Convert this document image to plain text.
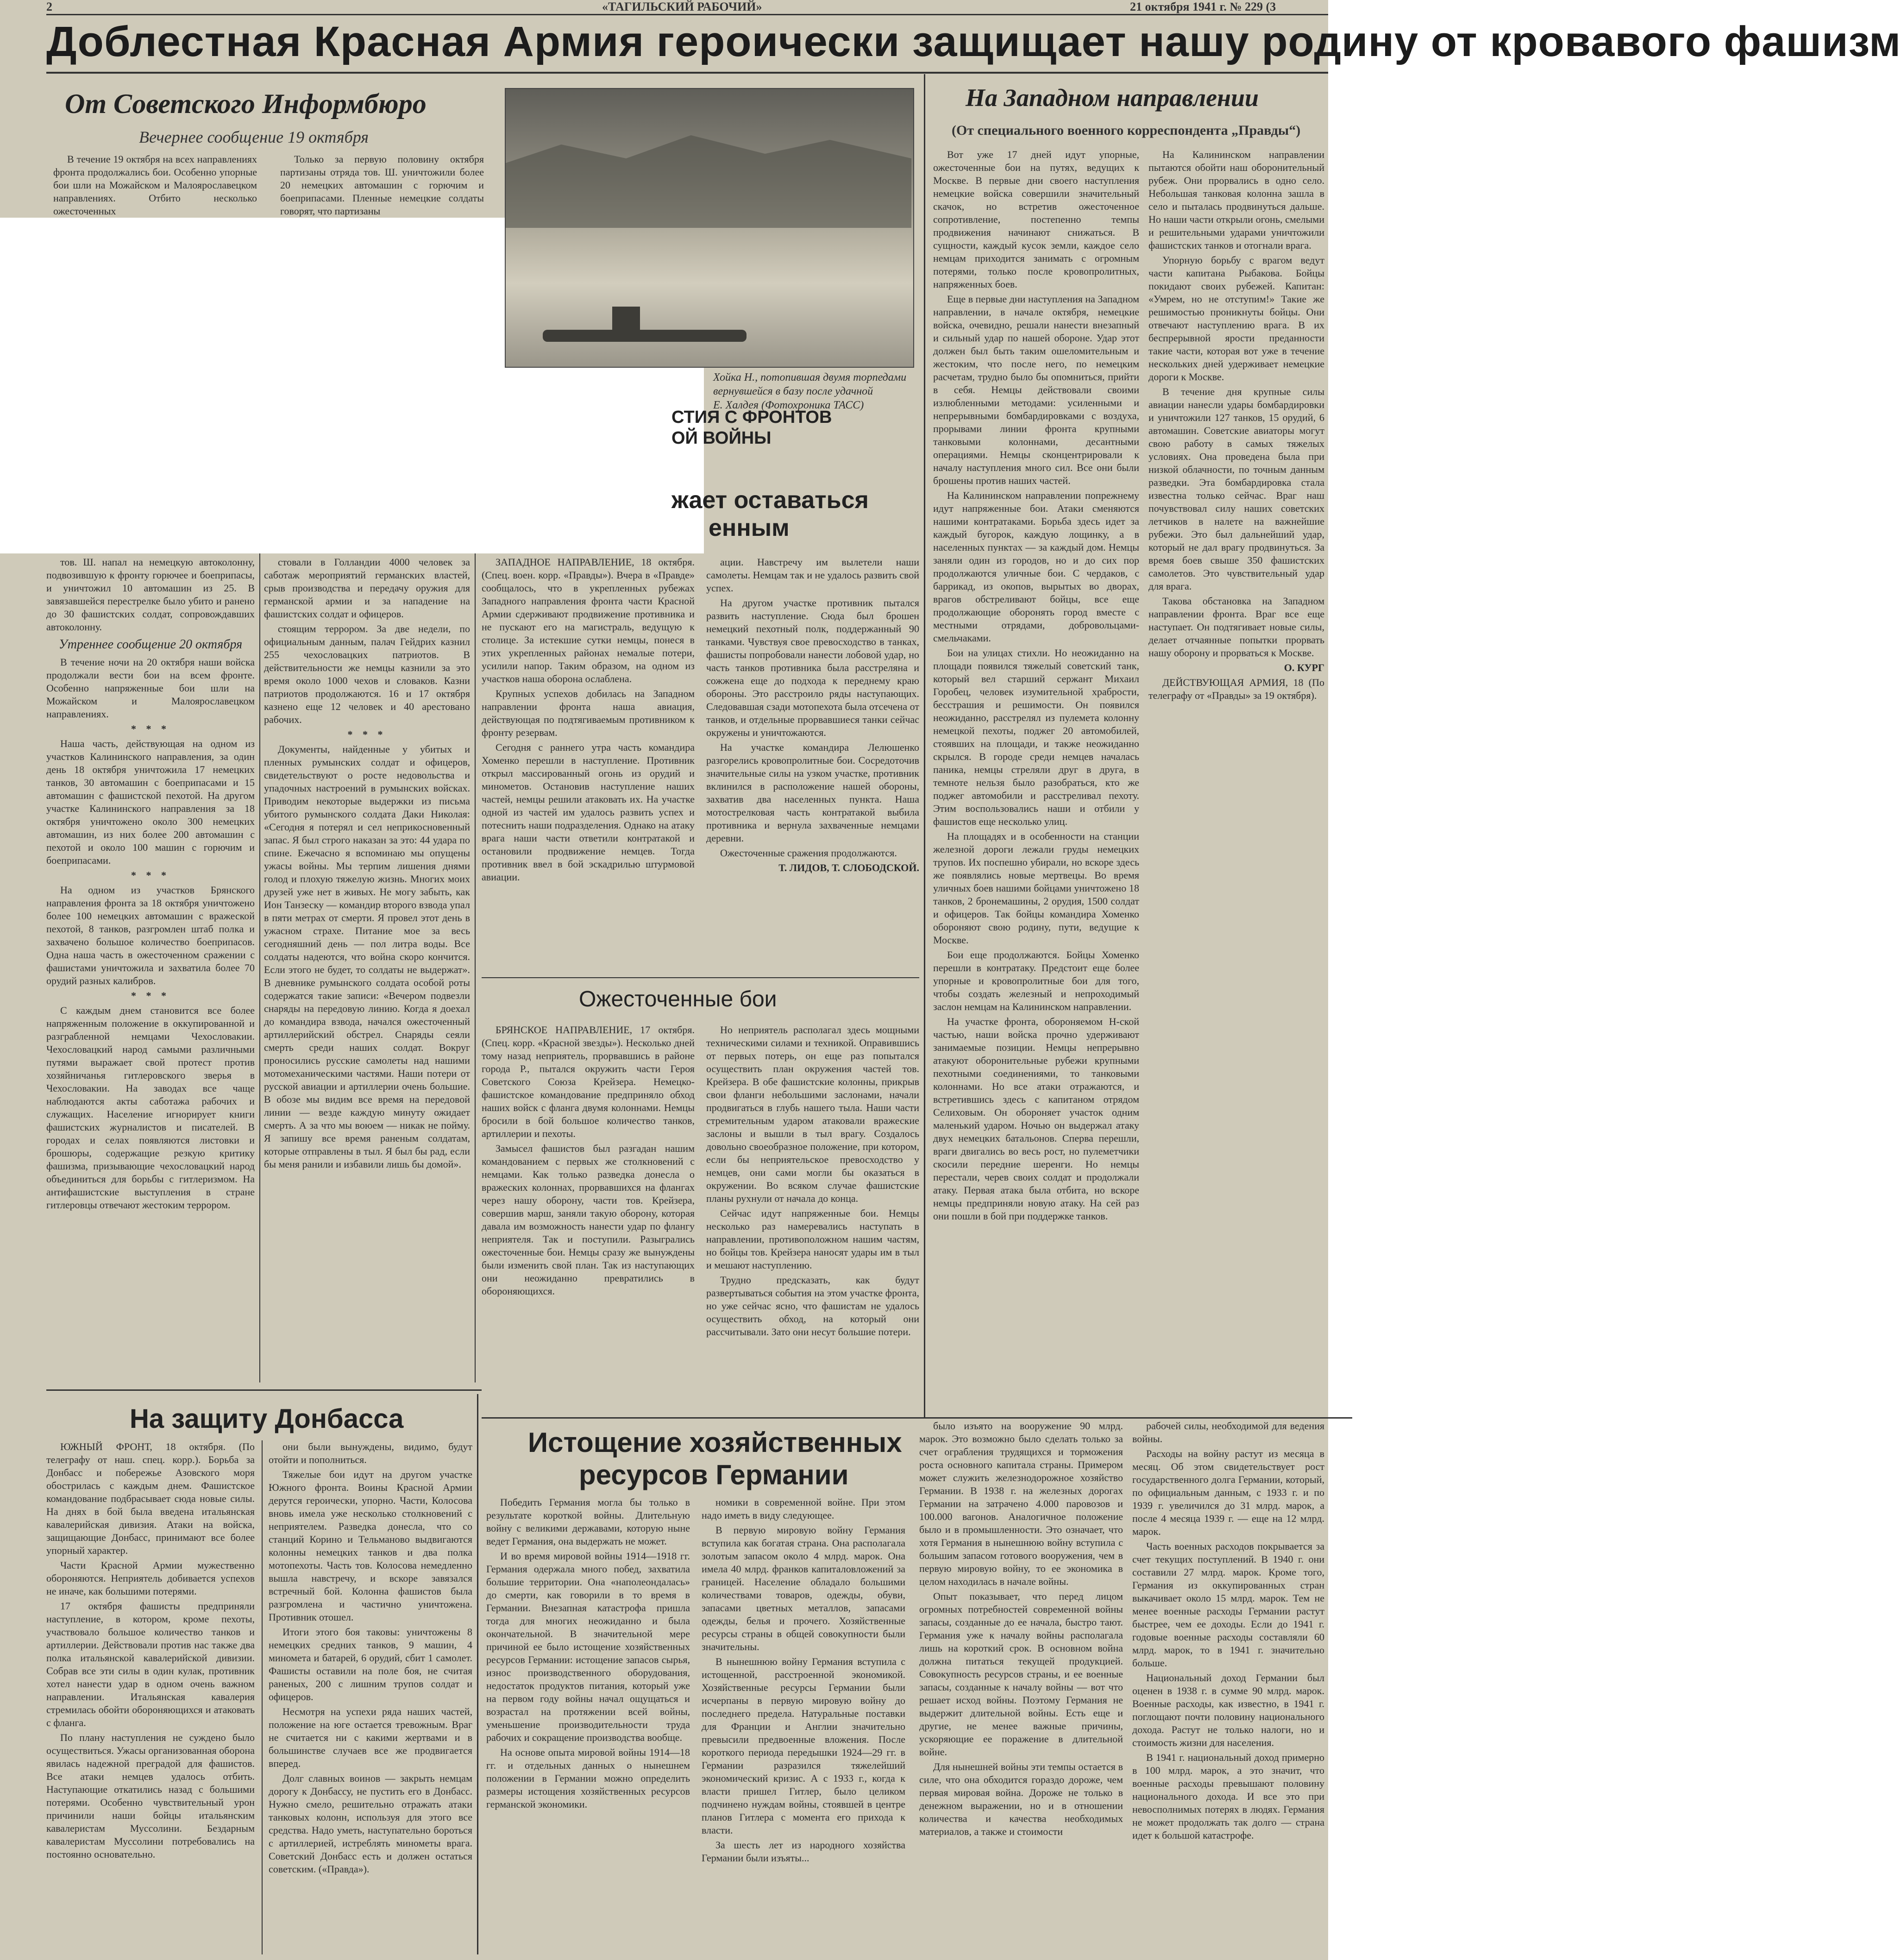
2	«ТАГИЛЬСКИЙ РАБОЧИЙ»	21 октября 1941 г. № 229 (3
Доблестная Красная Армия героически защищает нашу родину от кровавого фашизм
От Советского Информбюро
Вечернее сообщение 19 октября

В течение 19 октября на всех направлениях фронта продолжались бои. Особенно упорные бои шли на Можайском и Малоярославецком направлениях. Отбито несколько ожесточенных

Только за первую половину октября партизаны отряда тов. Ш. уничтожили более 20 немецких автомашин с горючим и боеприпасами. Пленные немецкие солдаты говорят, что партизаны

Хойка Н., потопившая двумя торпедами вернувшейся в базу после удачной
Е. Халдея (Фотохроника ТАСС)
СТИЯ С ФРОНТОВ
ОЙ ВОЙНЫ
жает оставаться
енным

тов. Ш. напал на немецкую автоколонну, подвозившую к фронту горючее и боеприпасы, и уничтожил 10 автомашин из 25. В завязавшейся перестрелке было убито и ранено до 30 фашистских солдат, сопровождавших автоколонну.

Утреннее сообщение 20 октября

В течение ночи на 20 октября наши войска продолжали вести бои на всем фронте. Особенно напряженные бои шли на Можайском и Малоярославецком направлениях.

* * *

Наша часть, действующая на одном из участков Калининского направления, за один день 18 октября уничтожила 17 немецких танков, 30 автомашин с боеприпасами и 15 автомашин с фашистской пехотой. На другом участке Калининского направления за 18 октября уничтожено около 300 немецких автомашин, из них более 200 автомашин с пехотой и около 100 машин с горючим и боеприпасами.

* * *

На одном из участков Брянского направления фронта за 18 октября уничтожено более 100 немецких автомашин с вражеской пехотой, 8 танков, разгромлен штаб полка и захвачено большое количество боеприпасов. Одна наша часть в ожесточенном сражении с фашистами уничтожила и захватила более 70 орудий разных калибров.

* * *

С каждым днем становится все более напряженным положение в оккупированной и разграбленной немцами Чехословакии. Чехословацкий народ самыми различными путями выражает свой протест против хозяйничанья гитлеровского зверья в Чехословакии. На заводах все чаще наблюдаются акты саботажа рабочих и служащих. Население игнорирует книги фашистских журналистов и писателей. В городах и селах появляются листовки и брошюры, содержащие резкую критику фашизма, призывающие чехословацкий народ объединиться для борьбы с гитлеризмом. На антифашистские выступления в стране гитлеровцы отвечают жестоким террором.

стовали в Голландии 4000 человек за саботаж мероприятий германских властей, срыв производства и передачу оружия для германской армии и за нападение на фашистских солдат и офицеров.

стоящим террором. За две недели, по официальным данным, палач Гейдрих казнил 255 чехословацких патриотов. В действительности же немцы казнили за это время около 1000 чехов и словаков. Казни патриотов продолжаются. 16 и 17 октября казнено еще 12 человек и 40 арестовано рабочих.

* * *

Документы, найденные у убитых и пленных румынских солдат и офицеров, свидетельствуют о росте недовольства и упадочных настроений в румынских войсках. Приводим некоторые выдержки из письма убитого румынского солдата Даки Николая: «Сегодня я потерял и сел неприкосновенный запас. Я был строго наказан за это: 44 удара по спине. Ежечасно я вспоминаю мы опущены ужасы войны. Мы терпим лишения днями голод и плохую тяжелую жизнь. Многих моих друзей уже нет в живых. Не могу забыть, как Ион Танзеску — командир второго взвода упал в пяти метрах от смерти. Я провел этот день в ужасном страхе. Питание мое за весь сегодняшний день — пол литра воды. Все солдаты надеются, что война скоро кончится. Если этого не будет, то солдаты не выдержат». В дневнике румынского солдата особой роты содержатся такие записи: «Вечером подвезли снаряды на передовую линию. Когда я доехал до командира взвода, начался ожесточенный артиллерийский обстрел. Снаряды сеяли смерть среди наших солдат. Вокруг проносились русские самолеты над нашими мотомеханическими частями. Наши потери от русской авиации и артиллерии очень большие. В обозе мы видим все время на передовой линии — везде каждую минуту ожидает смерть. А за что мы воюем — никак не пойму. Я запишу все время раненым солдатам, которые отправлены в тыл. Я был бы рад, если бы меня ранили и избавили лишь бы домой».

ЗАПАДНОЕ НАПРАВЛЕНИЕ, 18 октября. (Спец. воен. корр. «Правды»). Вчера в «Правде» сообщалось, что в укрепленных рубежах Западного направления фронта части Красной Армии сдерживают продвижение противника и не пускают его на магистраль, ведущую к столице. За истекшие сутки немцы, понеся в этих укрепленных районах немалые потери, усилили напор. Таким образом, на одном из участков наша оборона ослаблена.

Крупных успехов добилась на Западном направлении фронта наша авиация, действующая по подтягиваемым противником к фронту резервам.

Сегодня с раннего утра часть командира Хоменко перешли в наступление. Противник открыл массированный огонь из орудий и минометов. Остановив наступление наших частей, немцы решили атаковать их. На участке одной из частей им удалось развить успех и потеснить наши подразделения. Однако на атаку врага наши части ответили контратакой и остановили продвижение немцев. Тогда противник ввел в бой эскадрилью штурмовой авиации.

ации. Навстречу им вылетели наши самолеты. Немцам так и не удалось развить свой успех.

На другом участке противник пытался развить наступление. Сюда был брошен немецкий пехотный полк, поддержанный 90 танками. Чувствуя свое превосходство в танках, фашисты попробовали нанести лобовой удар, но часть танков противника была расстреляна и сожжена еще до подхода к переднему краю обороны. Это расстроило ряды наступающих. Следовавшая сзади мотопехота была отсечена от танков, и отдельные прорвавшиеся танки сейчас окружены и уничтожаются.

На участке командира Лелюшенко разгорелись кровопролитные бои. Сосредоточив значительные силы на узком участке, противник вклинился в расположение нашей обороны, захватив два населенных пункта. Наша мотострелковая часть контратакой выбила противника и вернула захваченные немцами деревни.

Ожесточенные сражения продолжаются.

Т. ЛИДОВ, Т. СЛОБОДСКОЙ.

Ожесточенные бои

БРЯНСКОЕ НАПРАВЛЕНИЕ, 17 октября. (Спец. корр. «Красной звезды»). Несколько дней тому назад неприятель, прорвавшись в районе города Р., пытался окружить части Героя Советского Союза Крейзера. Немецко-фашистское командование предприняло обход наших войск с фланга двумя колоннами. Немцы бросили в бой большое количество танков, артиллерии и пехоты.

Замысел фашистов был разгадан нашим командованием с первых же столкновений с немцами. Как только разведка донесла о вражеских колоннах, прорвавшихся на флангах через нашу оборону, части тов. Крейзера, совершив марш, заняли такую оборону, которая давала им возможность нанести удар по флангу неприятеля. Так и поступили. Разыгрались ожесточенные бои. Немцы сразу же вынуждены были изменить свой план. Так из наступающих они неожиданно превратились в обороняющихся.

Но неприятель располагал здесь мощными техническими силами и техникой. Оправившись от первых потерь, он еще раз попытался осуществить план окружения частей тов. Крейзера. В обе фашистские колонны, прикрыв свои фланги небольшими заслонами, начали продвигаться в глубь нашего тыла. Наши части стремительным ударом атаковали вражеские заслоны и вышли в тыл врагу. Создалось довольно своеобразное положение, при котором, если бы неприятельское превосходство у немцев, они сами могли бы оказаться в окружении. Во всяком случае фашистские планы рухнули от начала до конца.

Сейчас идут напряженные бои. Немцы несколько раз намеревались наступать в направлении, противоположном нашим частям, но бойцы тов. Крейзера наносят удары им в тыл и мешают наступлению.

Трудно предсказать, как будут развертываться события на этом участке фронта, но уже сейчас ясно, что фашистам не удалось осуществить обход, на который они рассчитывали. Зато они несут большие потери.

На Западном направлении
(От специального военного корреспондента „Правды“)

Вот уже 17 дней идут упорные, ожесточенные бои на путях, ведущих к Москве. В первые дни своего наступления немецкие войска совершили значительный скачок, но встретив ожесточенное сопротивление, постепенно темпы продвижения начинают снижаться. В сущности, каждый кусок земли, каждое село немцам приходится занимать с огромным потерями, только после кровопролитных, напряженных боев.

Еще в первые дни наступления на Западном направлении, в начале октября, немецкие войска, очевидно, решали нанести внезапный и сильный удар по нашей обороне. Удар этот должен был быть таким ошеломительным и жестоким, что после него, по немецким расчетам, трудно было бы опомниться, прийти в себя. Немцы действовали своими излюбленными методами: усиленными и непрерывными бомбардировками с воздуха, прорывами линии фронта крупными танковыми колоннами, десантными операциями. Немцы сконцентрировали к началу наступления много сил. Все они были брошены против наших частей.

На Калининском направлении попрежнему идут напряженные бои. Атаки сменяются нашими контратаками. Борьба здесь идет за каждый бугорок, каждую лощинку, а в населенных пунктах — за каждый дом. Немцы заняли один из городов, но и до сих пор продолжаются уличные бои. С чердаков, с баррикад, из окопов, вырытых во дворах, врагов обстреливают бойцы, все еще продолжающие оборонять город вместе с местными отрядами, добровольцами-смельчаками.

Бои на улицах стихли. Но неожиданно на площади появился тяжелый советский танк, который вел старший сержант Михаил Горобец, человек изумительной храбрости, бесстрашия и решимости. Он появился неожиданно, расстрелял из пулемета колонну немецкой пехоты, поджег 20 автомобилей, стоявших на площади, и также неожиданно скрылся. В городе среди немцев началась паника, немцы стреляли друг в друга, в темноте нельзя было разобраться, кто же поджег автомобили и расстреливал пехоту. Этим воспользовались наши и отбили у фашистов еще несколько улиц.

На площадях и в особенности на станции железной дороги лежали груды немецких трупов. Их поспешно убирали, но вскоре здесь же появлялись новые мертвецы. Во время уличных боев нашими бойцами уничтожено 18 танков, 2 бронемашины, 2 орудия, 1500 солдат и офицеров. Так бойцы командира Хоменко обороняют свою родину, пути, ведущие к Москве.

Бои еще продолжаются. Бойцы Хоменко перешли в контратаку. Предстоит еще более упорные и кровопролитные бои для того, чтобы создать железный и непроходимый заслон немцам на Калининском направлении.

На участке фронта, обороняемом Н-ской частью, наши войска прочно удерживают занимаемые позиции. Немцы непрерывно атакуют оборонительные рубежи крупными пехотными соединениями, то танковыми колоннами. Но все атаки отражаются, и встретившись здесь с капитаном отрядом Селиховым. Он обороняет участок одним маленький ударом. Ночью он выдержал атаку двух немецких батальонов. Сперва перешли, враги двигались во весь рост, но пулеметчики скосили передние шеренги. Но немцы перестали, черев своих солдат и продолжали атаку. Первая атака была отбита, но вскоре немцы предприняли новую атаку. На сей раз они пошли в бой при поддержке танков.

На Калининском направлении пытаются обойти наш оборонительный рубеж. Они прорвались в одно село. Небольшая танковая колонна зашла в село и пыталась продвинуться дальше. Но наши части открыли огонь, смелыми и решительными ударами уничтожили фашистских танков и отогнали врага.

Упорную борьбу с врагом ведут части капитана Рыбакова. Бойцы покидают своих рубежей. Капитан: «Умрем, но не отступим!» Такие же решимостью проникнуты бойцы. Они отвечают наступлению врага. В их беспрерывной ярости преданности такие части, которая вот уже в течение нескольких дней удерживает немецкие дороги к Москве.

В течение дня крупные силы авиации нанесли удары бомбардировки и уничтожили 127 танков, 15 орудий, 6 автомашин. Советские авиаторы могут свою работу в самых тяжелых условиях. Она проведена была при низкой облачности, по точным данным разведки. Эта бомбардировка стала известна только сейчас. Враг наш почувствовал силу наших советских летчиков в налете на важнейшие рубежи. Это был дальнейший удар, который не дал врагу продвинуться. За время боев свыше 350 фашистских самолетов. Это чувствительный удар для врага.

Такова обстановка на Западном направлении фронта. Враг все еще наступает. Он подтягивает новые силы, делает отчаянные попытки прорвать нашу оборону и прорваться к Москве.

О. КУРГ

ДЕЙСТВУЮЩАЯ АРМИЯ, 18 (По телеграфу от «Правды» за 19 октября).

На защиту Донбасса

ЮЖНЫЙ ФРОНТ, 18 октября. (По телеграфу от наш. спец. корр.). Борьба за Донбасс и побережье Азовского моря обострилась с каждым днем. Фашистское командование подбрасывает сюда новые силы. На днях в бой была введена итальянская кавалерийская дивизия. Атаки на войска, защищающие Донбасс, принимают все более упорный характер.

Части Красной Армии мужественно обороняются. Неприятель добивается успехов не иначе, как большими потерями.

17 октября фашисты предприняли наступление, в котором, кроме пехоты, участвовало большое количество танков и артиллерии. Действовали против нас также два полка итальянской кавалерийской дивизии. Собрав все эти силы в один кулак, противник хотел нанести удар в одном очень важном направлении. Итальянская кавалерия стремилась обойти обороняющихся и атаковать с фланга.

По плану наступления не суждено было осуществиться. Ужасы организованная оборона явилась надежной преградой для фашистов. Все атаки немцев удалось отбить. Наступающие откатились назад с большими потерями. Особенно чувствительный урон причинили наши бойцы итальянским кавалеристам Муссолини. Бездарным кавалеристам Муссолини потребовались на постоянно основательно.

они были вынуждены, видимо, будут отойти и пополниться.

Тяжелые бои идут на другом участке Южного фронта. Воины Красной Армии дерутся героически, упорно. Части, Колосова вновь имела уже несколько столкновений с неприятелем. Разведка донесла, что со станций Корино и Тельманово выдвигаются колонны немецких танков и два полка мотопехоты. Часть тов. Колосова немедленно вышла навстречу, и вскоре завязался встречный бой. Колонна фашистов была разгромлена и частично уничтожена. Противник отошел.

Итоги этого боя таковы: уничтожены 8 немецких средних танков, 9 машин, 4 миномета и батарей, 6 орудий, сбит 1 самолет. Фашисты оставили на поле боя, не считая раненых, 200 с лишним трупов солдат и офицеров.

Несмотря на успехи ряда наших частей, положение на юге остается тревожным. Враг не считается ни с какими жертвами и в большинстве случаев все же продвигается вперед.

Долг славных воинов — закрыть немцам дорогу к Донбассу, не пустить его в Донбасс. Нужно смело, решительно отражать атаки танковых колонн, используя для этого все средства. Надо уметь, наступательно бороться с артиллерией, истреблять минометы врага. Советский Донбасс есть и должен остаться советским. («Правда»).

Истощение хозяйственных
ресурсов Германии

Победить Германия могла бы только в результате короткой войны. Длительную войну с великими державами, которую ныне ведет Германия, она выдержать не может.

И во время мировой войны 1914—1918 гг. Германия одержала много побед, захватила большие территории. Она «наполеондалась» до смерти, как говорили в то время в Германии. Внезапная катастрофа пришла тогда для многих неожиданно и была окончательной. В значительной мере причиной ее было истощение хозяйственных ресурсов Германии: истощение запасов сырья, износ производственного оборудования, недостаток продуктов питания, который уже на первом году войны начал ощущаться и возрастал на протяжении всей войны, уменьшение производительности труда рабочих и сокращение производства вообще.

На основе опыта мировой войны 1914—18 гг. и отдельных данных о нынешнем положении в Германии можно определить размеры истощения хозяйственных ресурсов германской экономики.

номики в современной войне. При этом надо иметь в виду следующее.

В первую мировую войну Германия вступила как богатая страна. Она располагала золотым запасом около 4 млрд. марок. Она имела 40 млрд. франков капиталовложений за границей. Население обладало большими количествами товаров, одежды, обуви, запасами цветных металлов, запасами одежды, белья и прочего. Хозяйственные ресурсы страны в общей совокупности были значительны.

В нынешнюю войну Германия вступила с истощенной, расстроенной экономикой. Хозяйственные ресурсы Германии были исчерпаны в первую мировую войну до последнего предела. Натуральные поставки для Франции и Англии значительно превысили предвоенные вложения. После короткого периода передышки 1924—29 гг. в Германии разразился тяжелейший экономический кризис. А с 1933 г., когда к власти пришел Гитлер, было целиком подчинено нуждам войны, стоявшей в центре планов Гитлера с момента его прихода к власти.

За шесть лет из народного хозяйства Германии были изъяты...

было изъято на вооружение 90 млрд. марок. Это возможно было сделать только за счет ограбления трудящихся и торможения роста основного капитала страны. Примером может служить железнодорожное хозяйство Германии. В 1938 г. на железных дорогах Германии на затрачено 4.000 паровозов и 100.000 вагонов. Аналогичное положение было и в промышленности. Это означает, что хотя Германия в нынешнюю войну вступила с большим запасом готового вооружения, чем в первую мировую войну, то ее экономика в целом находилась в начале войны.

Опыт показывает, что перед лицом огромных потребностей современной войны запасы, созданные до ее начала, быстро тают. Германия уже к началу войны располагала лишь на короткий срок. В основном война должна питаться текущей продукцией. Совокупность ресурсов страны, и ее военные запасы, созданные к началу войны — вот что решает исход войны. Поэтому Германия не выдержит длительной войны. Есть еще и другие, не менее важные причины, ускоряющие ее поражение в длительной войне.

Для нынешней войны эти темпы остается в силе, что она обходится гораздо дороже, чем первая мировая война. Дороже не только в денежном выражении, но и в отношении количества и качества необходимых материалов, а также и стоимости

рабочей силы, необходимой для ведения войны.

Расходы на войну растут из месяца в месяц. Об этом свидетельствует рост государственного долга Германии, который, по официальным данным, с 1933 г. и по 1939 г. увеличился до 31 млрд. марок, а после 4 месяца 1939 г. — еще на 12 млрд. марок.

Часть военных расходов покрывается за счет текущих поступлений. В 1940 г. они составили 27 млрд. марок. Кроме того, Германия из оккупированных стран выкачивает около 15 млрд. марок. Тем не менее военные расходы Германии растут быстрее, чем ее доходы. Если до 1941 г. годовые военные расходы составляли 60 млрд. марок, то в 1941 г. значительно больше.

Национальный доход Германии был оценен в 1938 г. в сумме 90 млрд. марок. Военные расходы, как известно, в 1941 г. поглощают почти половину национального дохода. Растут не только налоги, но и стоимость жизни для населения.

В 1941 г. национальный доход примерно в 100 млрд. марок, а это значит, что военные расходы превышают половину национального дохода. И все это при невосполнимых потерях в людях. Германия не может продолжать так долго — страна идет к большой катастрофе.
